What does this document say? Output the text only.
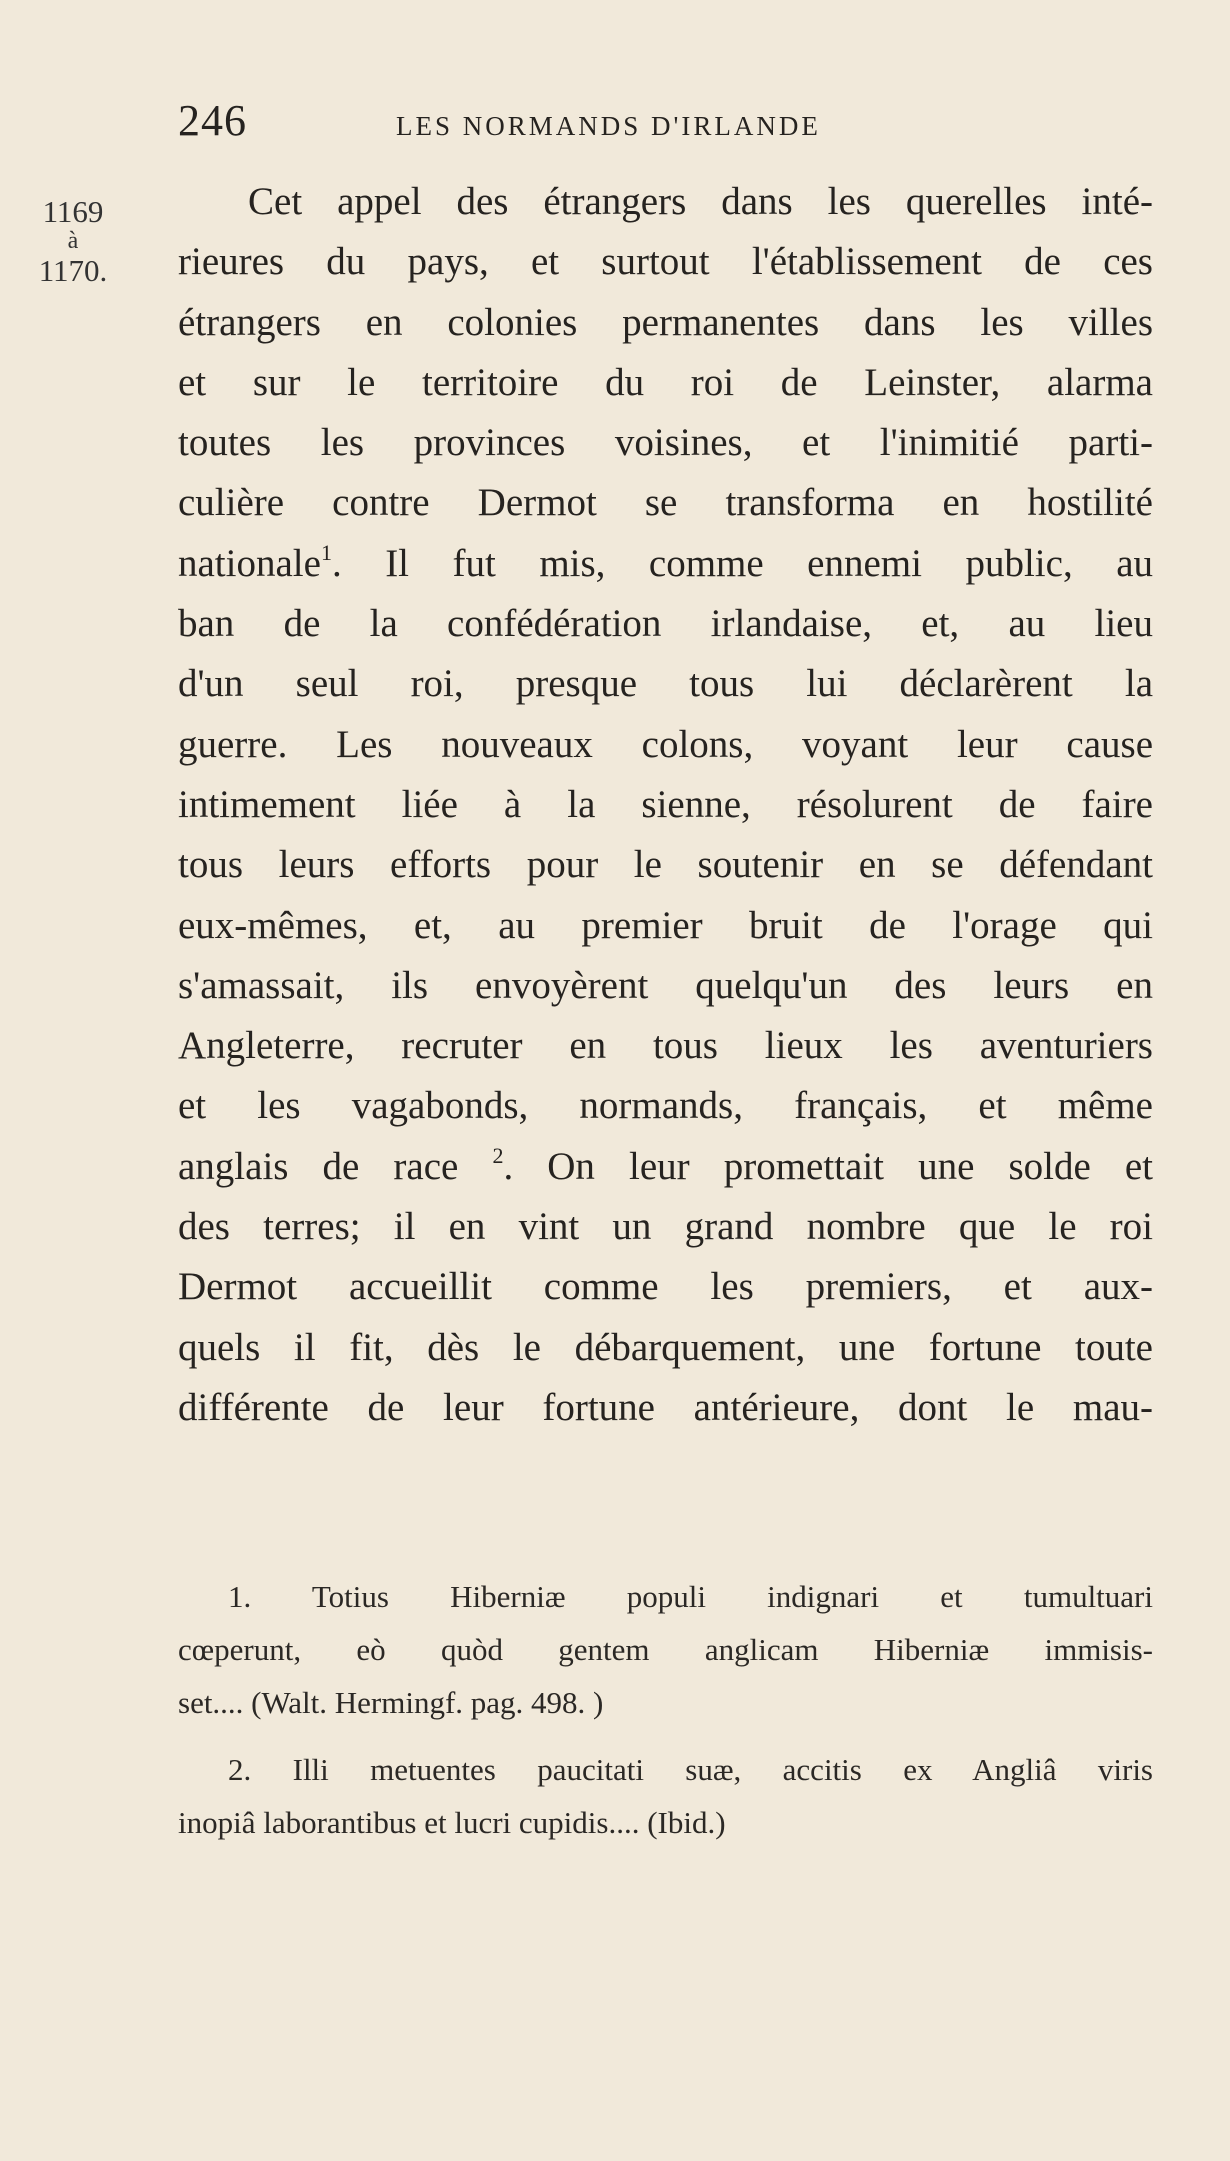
246	LES NORMANDS D'IRLANDE
1169
à
1170.
Cet appel des étrangers dans les querelles inté-
rieures du pays, et surtout l'établissement de ces
étrangers en colonies permanentes dans les villes
et sur le territoire du roi de Leinster, alarma
toutes les provinces voisines, et l'inimitié parti-
culière contre Dermot se transforma en hostilité
nationale$^1$. Il fut mis, comme ennemi public, au
ban de la confédération irlandaise, et, au lieu
d'un seul roi, presque tous lui déclarèrent la
guerre. Les nouveaux colons, voyant leur cause
intimement liée à la sienne, résolurent de faire
tous leurs efforts pour le soutenir en se défendant
eux-mêmes, et, au premier bruit de l'orage qui
s'amassait, ils envoyèrent quelqu'un des leurs en
Angleterre, recruter en tous lieux les aventuriers
et les vagabonds, normands, français, et même
anglais de race $^2$. On leur promettait une solde et
des terres; il en vint un grand nombre que le roi
Dermot accueillit comme les premiers, et aux-
quels il fit, dès le débarquement, une fortune toute
différente de leur fortune antérieure, dont le mau-
1. Totius Hiberniæ populi indignari et tumultuari
cœperunt, eò quòd gentem anglicam Hiberniæ immisis-
set.... (Walt. Hermingf. pag. 498. )
2. Illi metuentes paucitati suæ, accitis ex Angliâ viris
inopiâ laborantibus et lucri cupidis.... (Ibid.)
